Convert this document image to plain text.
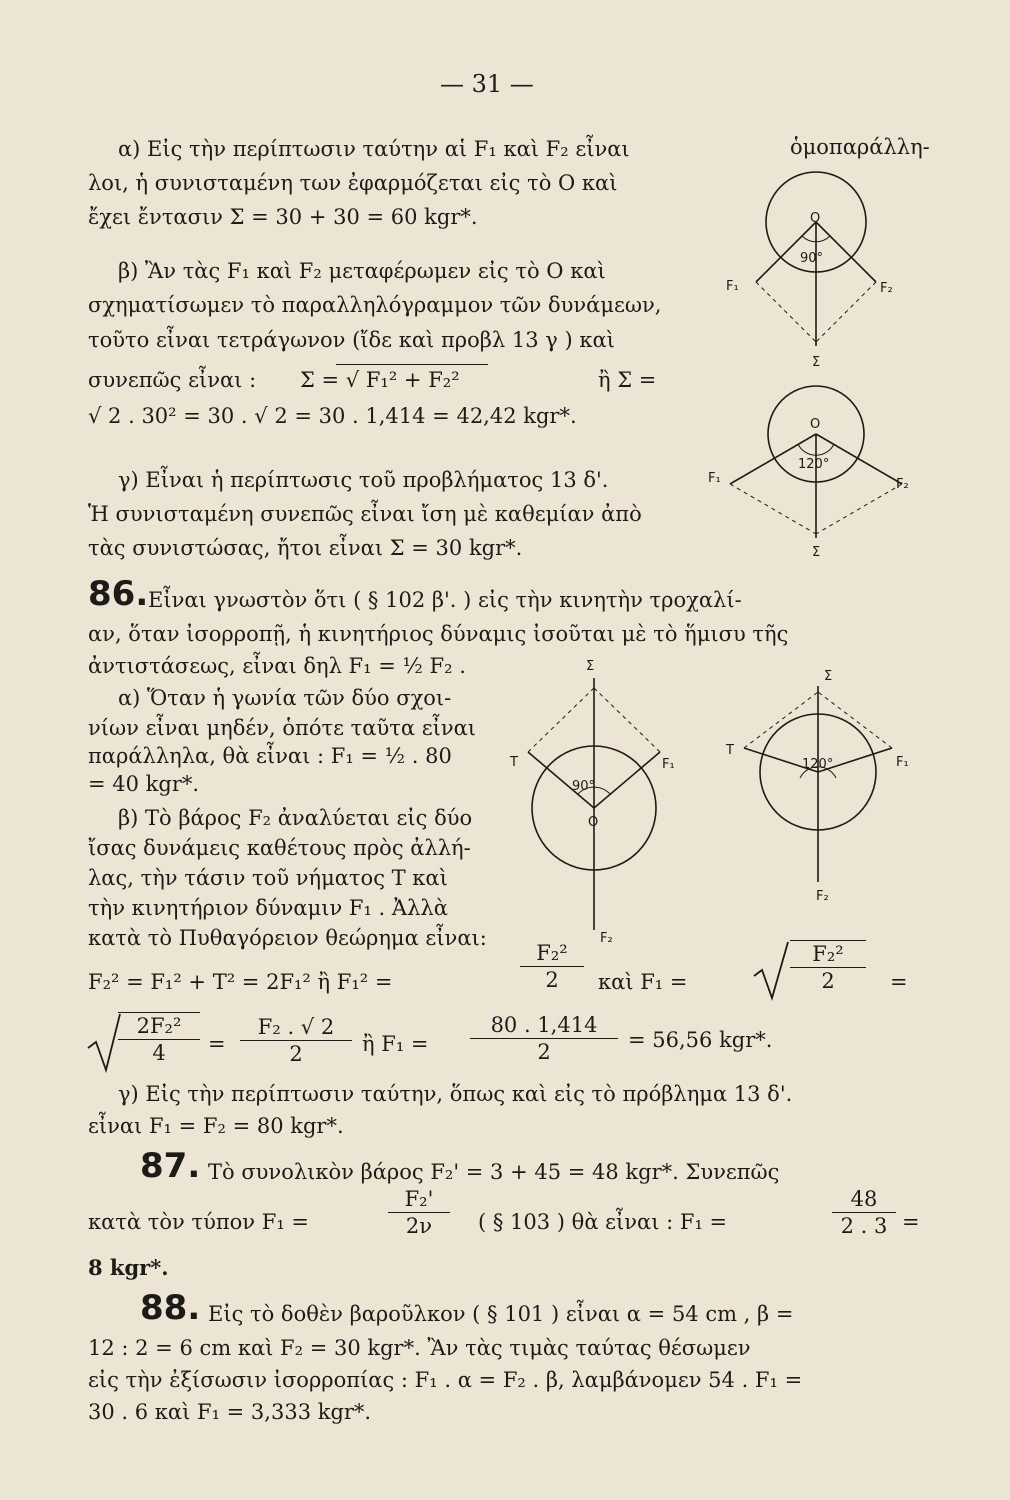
— 31 —
α) Εἰς τὴν περίπτωσιν ταύτην αἱ F₁ καὶ F₂ εἶναι	ὁμοπαράλλη-
λοι, ἡ συνισταμένη των ἐφαρμόζεται εἰς τὸ Ο καὶ
ἔχει ἔντασιν Σ = 30 + 30 = 60 kgr*.
β) Ἂν τὰς F₁ καὶ F₂ μεταφέρωμεν εἰς τὸ Ο καὶ
σχηματίσωμεν τὸ παραλληλόγραμμον τῶν δυνάμεων,
τοῦτο εἶναι τετράγωνον (ἴδε καὶ προβλ 13 γ ) καὶ
συνεπῶς εἶναι : Σ = √ F₁² + F₂²	ἢ Σ =
√ 2 . 30² = 30 . √ 2 = 30 . 1,414 = 42,42 kgr*.
γ) Εἶναι ἡ περίπτωσις τοῦ προβλήματος 13 δ'.
Ἡ συνισταμένη συνεπῶς εἶναι ἴση μὲ καθεμίαν ἀπὸ
τὰς συνιστώσας, ἤτοι εἶναι Σ = 30 kgr*.
86. Εἶναι γνωστὸν ὅτι ( § 102 β'. ) εἰς τὴν κινητὴν τροχαλί-
αν, ὅταν ἰσορροπῇ, ἡ κινητήριος δύναμις ἰσοῦται μὲ τὸ ἥμισυ τῆς
ἀντιστάσεως, εἶναι δηλ F₁ = ½ F₂ .
α) Ὅταν ἡ γωνία τῶν δύο σχοι-
νίων εἶναι μηδέν, ὁπότε ταῦτα εἶναι
παράλληλα, θὰ εἶναι : F₁ = ½ . 80
= 40 kgr*.
β) Τὸ βάρος F₂ ἀναλύεται εἰς δύο
ἴσας δυνάμεις καθέτους πρὸς ἀλλή-
λας, τὴν τάσιν τοῦ νήματος Τ καὶ
τὴν κινητήριον δύναμιν F₁ . Ἀλλὰ
κατὰ τὸ Πυθαγόρειον θεώρημα εἶναι:
F₂² = F₁² + T² = 2F₁² ἢ F₁² =	$\frac{\text{F₂²}}{2}$ καὶ F₁ =	$\frac{\text{F₂²}}{2}$ =
$\frac{\text{2F₂²}}{4} = \frac{\text{F₂ . √ 2}}{2}$ ἢ $F_1 = \frac{80 . 1,414}{2} = 56,56$ kgr*.
γ) Εἰς τὴν περίπτωσιν ταύτην, ὅπως καὶ εἰς τὸ πρόβλημα 13 δ'.
εἶναι F₁ = F₂ = 80 kgr*.
87. Τὸ συνολικὸν βάρος F₂' = 3 + 45 = 48 kgr*. Συνεπῶς
κατὰ τὸν τύπον F₁ =	$\frac{\text{F₂'}}{2\nu}$ ( § 103 ) θὰ εἶναι : F₁ =	$\frac{48}{2 . 3}$ =
8 kgr*.
88. Εἰς τὸ δοθὲν βαροῦλκον ( § 101 ) εἶναι α = 54 cm , β =
12 : 2 = 6 cm καὶ F₂ = 30 kgr*. Ἂν τὰς τιμὰς ταύτας θέσωμεν
εἰς τὴν ἐξίσωσιν ἰσορροπίας : F₁ . α = F₂ . β, λαμβάνομεν 54 . F₁ =
30 . 6 καὶ F₁ = 3,333 kgr*.
O
90°
F₁	F₂
Σ
O
120°
F₁	F₂
Σ
Σ
T	F₁
90°
O
F₂
Σ
T
F₁
120°
F₂
